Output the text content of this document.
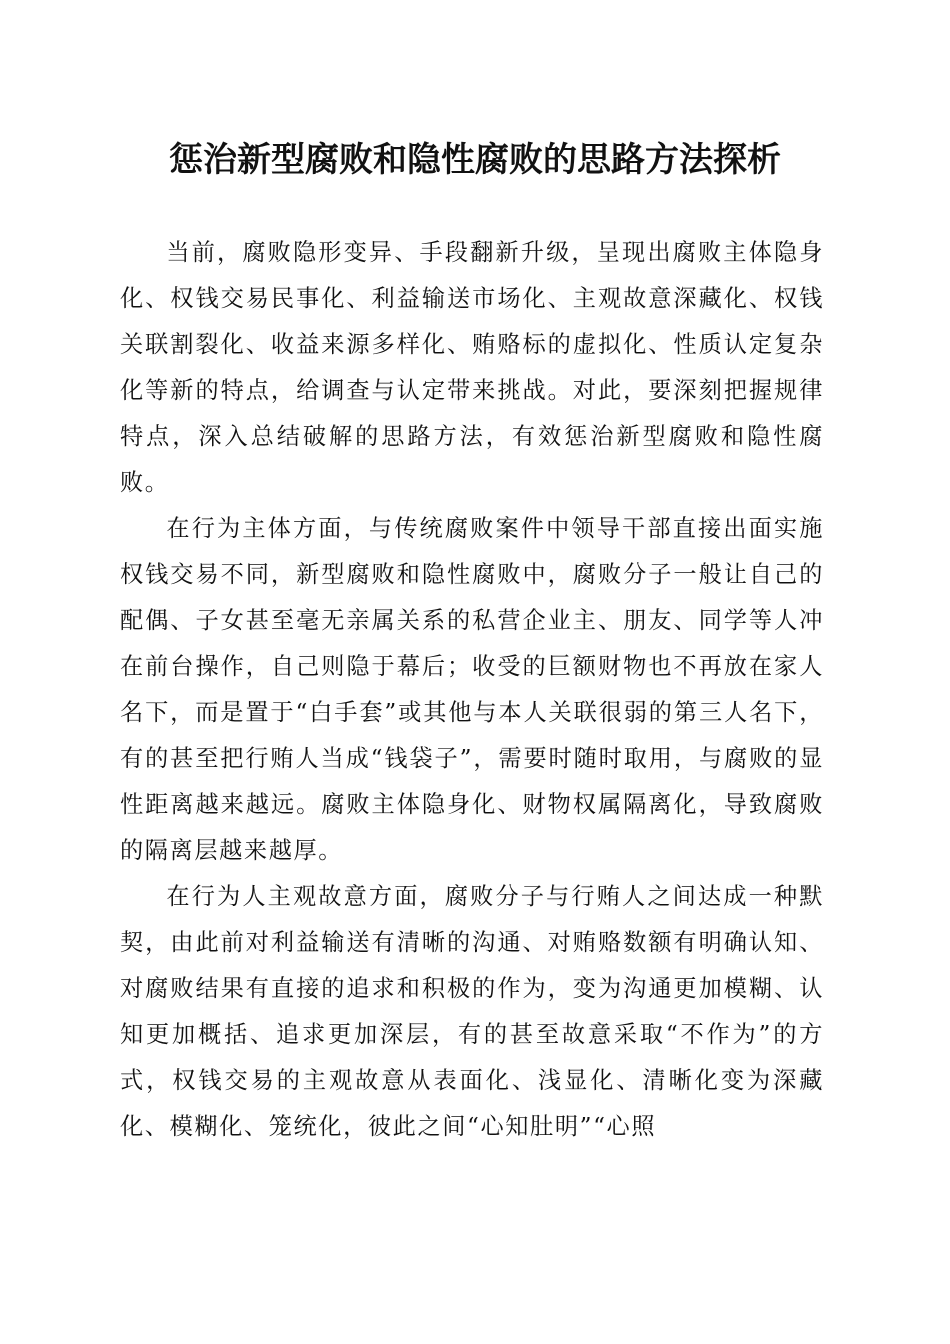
惩治新型腐败和隐性腐败的思路方法探析

当前，腐败隐形变异、手段翻新升级，呈现出腐败主体隐身化、权钱交易民事化、利益输送市场化、主观故意深藏化、权钱关联割裂化、收益来源多样化、贿赂标的虚拟化、性质认定复杂化等新的特点，给调查与认定带来挑战。对此，要深刻把握规律特点，深入总结破解的思路方法，有效惩治新型腐败和隐性腐败。

在行为主体方面，与传统腐败案件中领导干部直接出面实施权钱交易不同，新型腐败和隐性腐败中，腐败分子一般让自己的配偶、子女甚至毫无亲属关系的私营企业主、朋友、同学等人冲在前台操作，自己则隐于幕后；收受的巨额财物也不再放在家人名下，而是置于“白手套”或其他与本人关联很弱的第三人名下，有的甚至把行贿人当成“钱袋子”，需要时随时取用，与腐败的显性距离越来越远。腐败主体隐身化、财物权属隔离化，导致腐败的隔离层越来越厚。

在行为人主观故意方面，腐败分子与行贿人之间达成一种默契，由此前对利益输送有清晰的沟通、对贿赂数额有明确认知、对腐败结果有直接的追求和积极的作为，变为沟通更加模糊、认知更加概括、追求更加深层，有的甚至故意采取“不作为”的方式，权钱交易的主观故意从表面化、浅显化、清晰化变为深藏化、模糊化、笼统化，彼此之间“心知肚明”“心照
